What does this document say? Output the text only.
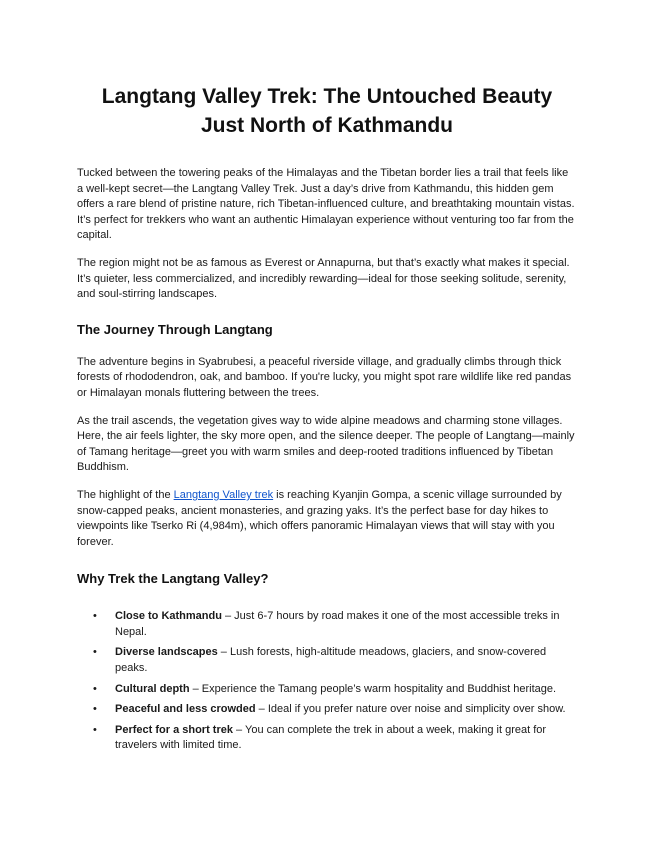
Langtang Valley Trek: The Untouched Beauty
Just North of Kathmandu

Tucked between the towering peaks of the Himalayas and the Tibetan border lies a trail that feels like a well-kept secret—the Langtang Valley Trek. Just a day’s drive from Kathmandu, this hidden gem offers a rare blend of pristine nature, rich Tibetan-influenced culture, and breathtaking mountain vistas. It’s perfect for trekkers who want an authentic Himalayan experience without venturing too far from the capital.

The region might not be as famous as Everest or Annapurna, but that’s exactly what makes it special. It’s quieter, less commercialized, and incredibly rewarding—ideal for those seeking solitude, serenity, and soul-stirring landscapes.

The Journey Through Langtang

The adventure begins in Syabrubesi, a peaceful riverside village, and gradually climbs through thick forests of rhododendron, oak, and bamboo. If you're lucky, you might spot rare wildlife like red pandas or Himalayan monals fluttering between the trees.

As the trail ascends, the vegetation gives way to wide alpine meadows and charming stone villages. Here, the air feels lighter, the sky more open, and the silence deeper. The people of Langtang—mainly of Tamang heritage—greet you with warm smiles and deep-rooted traditions influenced by Tibetan Buddhism.

The highlight of the Langtang Valley trek is reaching Kyanjin Gompa, a scenic village surrounded by snow-capped peaks, ancient monasteries, and grazing yaks. It’s the perfect base for day hikes to viewpoints like Tserko Ri (4,984m), which offers panoramic Himalayan views that will stay with you forever.

Why Trek the Langtang Valley?
• Close to Kathmandu – Just 6-7 hours by road makes it one of the most accessible treks in Nepal.
• Diverse landscapes – Lush forests, high-altitude meadows, glaciers, and snow-covered peaks.
• Cultural depth – Experience the Tamang people’s warm hospitality and Buddhist heritage.
• Peaceful and less crowded – Ideal if you prefer nature over noise and simplicity over show.
• Perfect for a short trek – You can complete the trek in about a week, making it great for travelers with limited time.
